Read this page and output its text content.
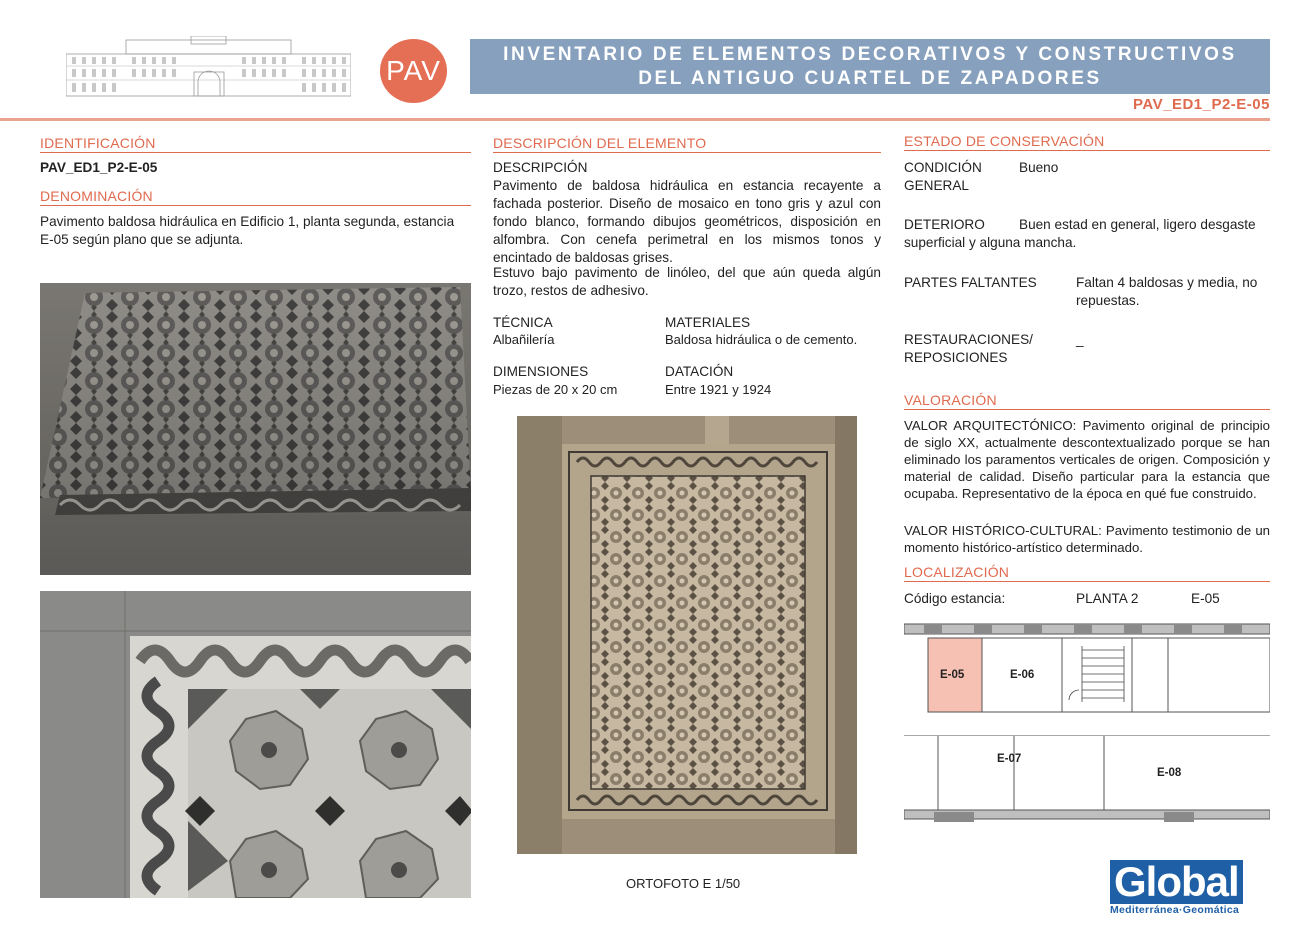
PAV
INVENTARIO DE ELEMENTOS DECORATIVOS Y CONSTRUCTIVOS
DEL ANTIGUO CUARTEL DE ZAPADORES
PAV_ED1_P2-E-05
IDENTIFICACIÓN
PAV_ED1_P2-E-05
DENOMINACIÓN
Pavimento baldosa hidráulica en Edificio 1, planta segunda, estancia E-05 según plano que se adjunta.
DESCRIPCIÓN DEL ELEMENTO
DESCRIPCIÓN
Pavimento de baldosa hidráulica en estancia recayente a fachada posterior. Diseño de mosaico en tono gris y azul con fondo blanco, formando dibujos geométricos, disposición en alfombra. Con cenefa perimetral en los mismos tonos y encintado de baldosas grises.
Estuvo bajo pavimento de linóleo, del que aún queda algún trozo, restos de adhesivo.
TÉCNICA
Albañilería
MATERIALES
Baldosa hidráulica o de cemento.
DIMENSIONES
Piezas de 20 x 20 cm
DATACIÓN
Entre 1921 y 1924
ORTOFOTO E 1/50
ESTADO DE CONSERVACIÓN
CONDICIÓN GENERAL
Bueno
DETERIORO	Buen estad en general, ligero desgaste superficial y alguna mancha.
PARTES FALTANTES	Faltan 4 baldosas y media, no repuestas.
RESTAURACIONES/ REPOSICIONES
_
VALORACIÓN
VALOR ARQUITECTÓNICO: Pavimento original de principio de siglo XX, actualmente descontextualizado porque se han eliminado los paramentos verticales de origen. Composición y material de calidad. Diseño particular para la estancia que ocupaba. Representativo de la época en qué fue construido.
VALOR HISTÓRICO-CULTURAL: Pavimento testimonio de un momento histórico-artístico determinado.
LOCALIZACIÓN
Código estancia:	PLANTA 2	E-05
E-05	E-06
E-07
E-08
Global
Mediterránea·Geomática
